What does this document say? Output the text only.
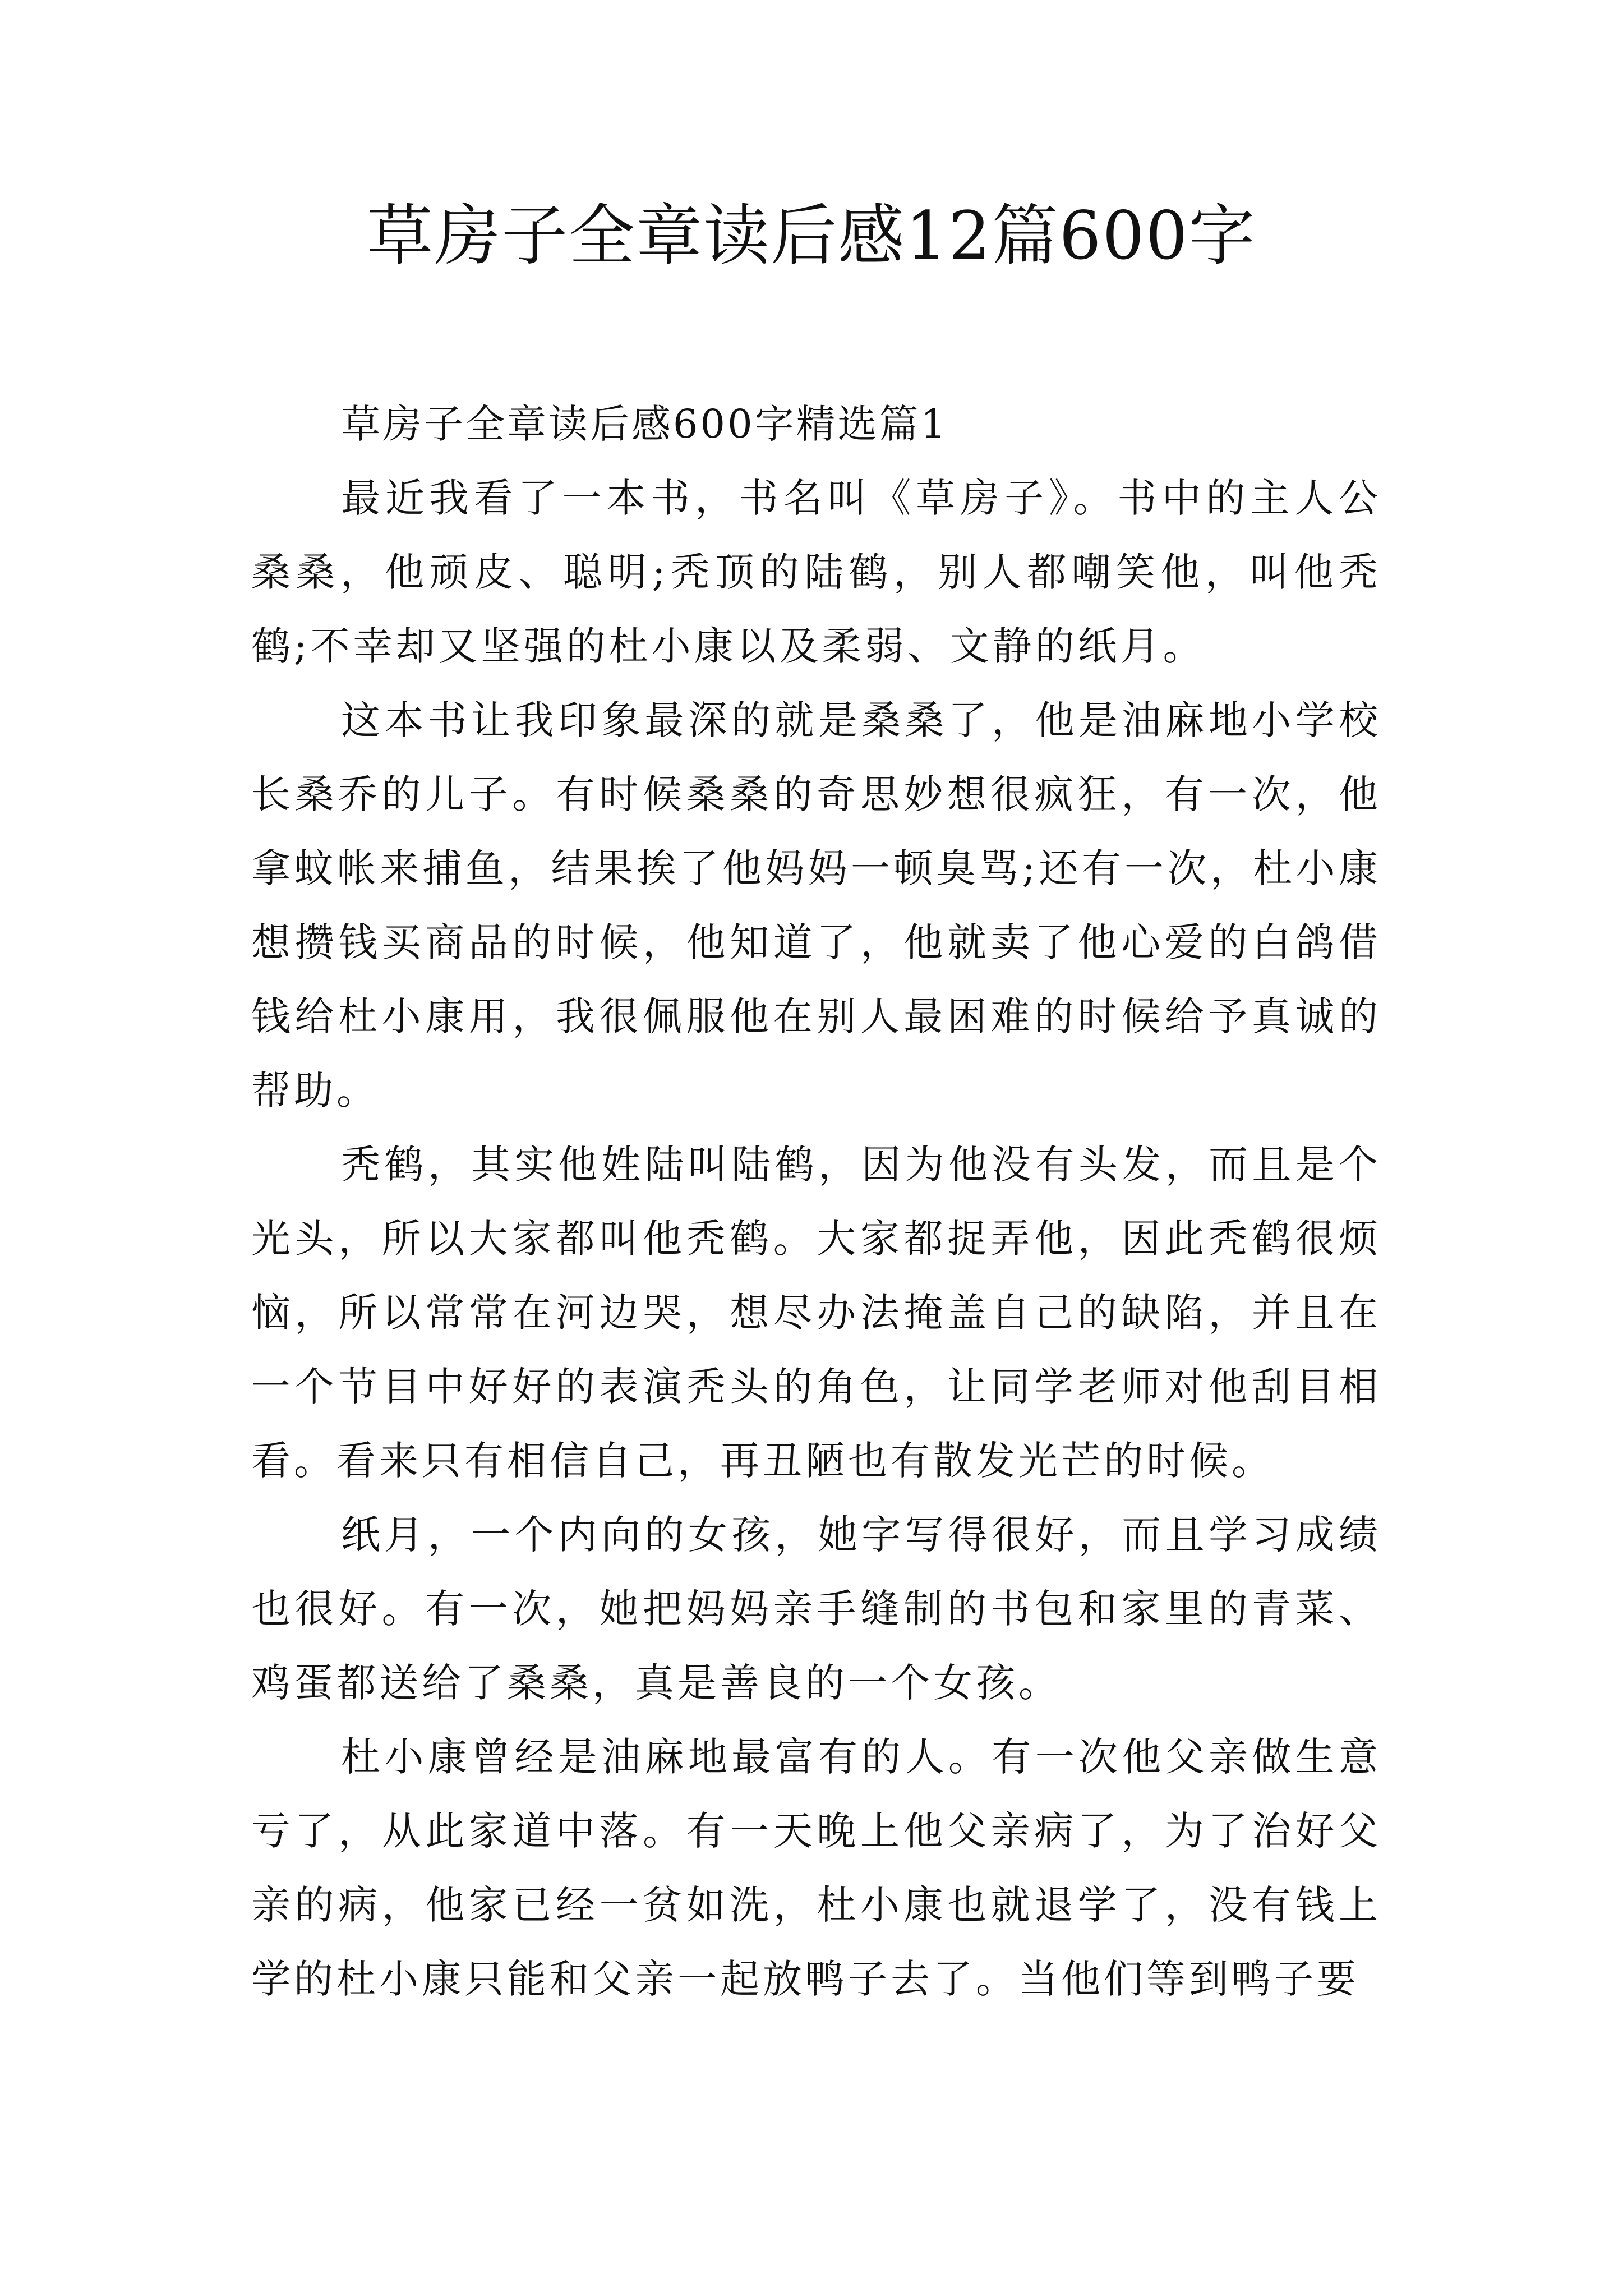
草房子全章读后感12篇600字
草房子全章读后感600字精选篇1

最近我看了一本书，书名叫《草房子》。书中的主人公桑桑，他顽皮、聪明;秃顶的陆鹤，别人都嘲笑他，叫他秃鹤;不幸却又坚强的杜小康以及柔弱、文静的纸月。

这本书让我印象最深的就是桑桑了，他是油麻地小学校长桑乔的儿子。有时候桑桑的奇思妙想很疯狂，有一次，他拿蚊帐来捕鱼，结果挨了他妈妈一顿臭骂;还有一次，杜小康想攒钱买商品的时候，他知道了，他就卖了他心爱的白鸽借钱给杜小康用，我很佩服他在别人最困难的时候给予真诚的帮助。

秃鹤，其实他姓陆叫陆鹤，因为他没有头发，而且是个光头，所以大家都叫他秃鹤。大家都捉弄他，因此秃鹤很烦恼，所以常常在河边哭，想尽办法掩盖自己的缺陷，并且在一个节目中好好的表演秃头的角色，让同学老师对他刮目相看。看来只有相信自己，再丑陋也有散发光芒的时候。

纸月，一个内向的女孩，她字写得很好，而且学习成绩也很好。有一次，她把妈妈亲手缝制的书包和家里的青菜、鸡蛋都送给了桑桑，真是善良的一个女孩。

杜小康曾经是油麻地最富有的人。有一次他父亲做生意亏了，从此家道中落。有一天晚上他父亲病了，为了治好父亲的病，他家已经一贫如洗，杜小康也就退学了，没有钱上学的杜小康只能和父亲一起放鸭子去了。当他们等到鸭子要
